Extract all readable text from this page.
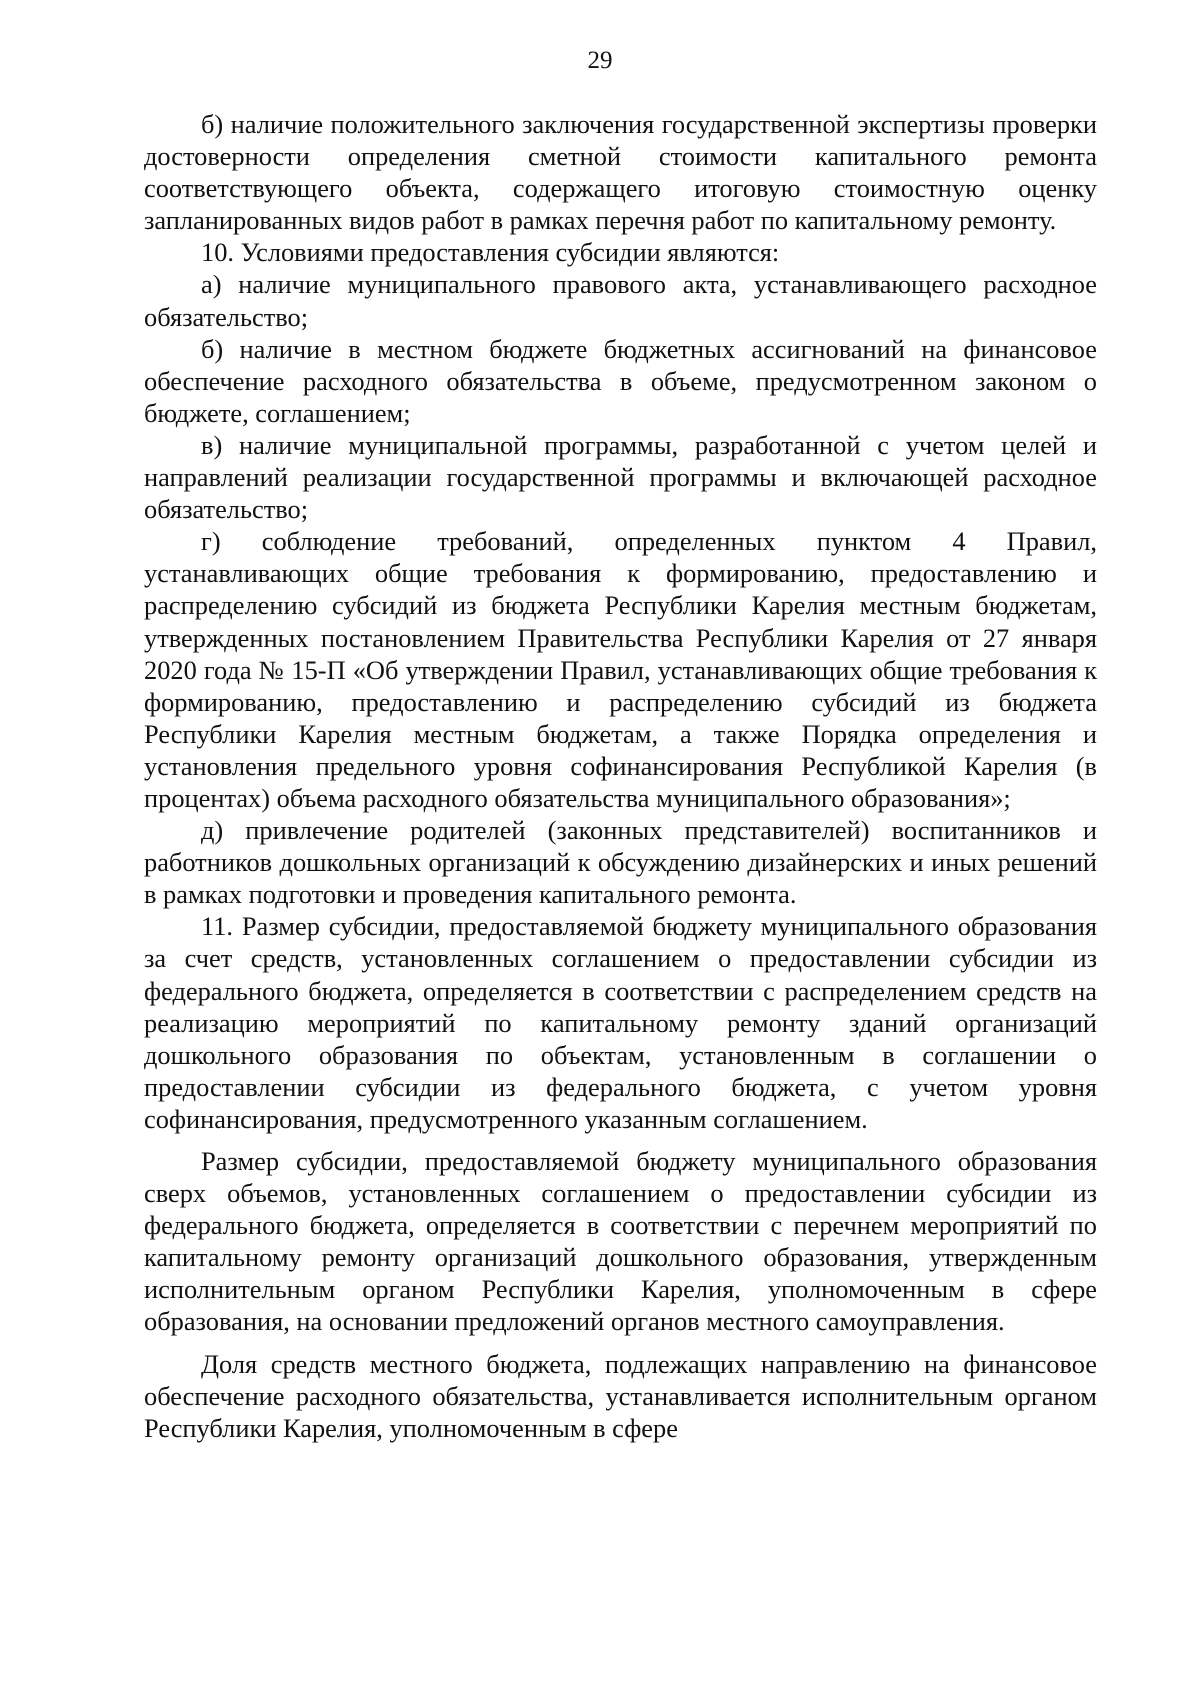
29

б) наличие положительного заключения государственной экспертизы проверки достоверности определения сметной стоимости капитального ремонта соответствующего объекта, содержащего итоговую стоимостную оценку запланированных видов работ в рамках перечня работ по капитальному ремонту.

10. Условиями предоставления субсидии являются:

а) наличие муниципального правового акта, устанавливающего расходное обязательство;

б) наличие в местном бюджете бюджетных ассигнований на финансовое обеспечение расходного обязательства в объеме, предусмотренном законом о бюджете, соглашением;

в) наличие муниципальной программы, разработанной с учетом целей и направлений реализации государственной программы и включающей расходное обязательство;

г) соблюдение требований, определенных пунктом 4 Правил, устанавливающих общие требования к формированию, предоставлению и распределению субсидий из бюджета Республики Карелия местным бюджетам, утвержденных постановлением Правительства Республики Карелия от 27 января 2020 года № 15-П «Об утверждении Правил, устанавливающих общие требования к формированию, предоставлению и распределению субсидий из бюджета Республики Карелия местным бюджетам, а также Порядка определения и установления предельного уровня софинансирования Республикой Карелия (в процентах) объема расходного обязательства муниципального образования»;

д) привлечение родителей (законных представителей) воспитанников и работников дошкольных организаций к обсуждению дизайнерских и иных решений в рамках подготовки и проведения капитального ремонта.

11. Размер субсидии, предоставляемой бюджету муниципального образования за счет средств, установленных соглашением о предоставлении субсидии из федерального бюджета, определяется в соответствии с распределением средств на реализацию мероприятий по капитальному ремонту зданий организаций дошкольного образования по объектам, установленным в соглашении о предоставлении субсидии из федерального бюджета, с учетом уровня софинансирования, предусмотренного указанным соглашением.

Размер субсидии, предоставляемой бюджету муниципального образования сверх объемов, установленных соглашением о предоставлении субсидии из федерального бюджета, определяется в соответствии с перечнем мероприятий по капитальному ремонту организаций дошкольного образования, утвержденным исполнительным органом Республики Карелия, уполномоченным в сфере образования, на основании предложений органов местного самоуправления.

Доля средств местного бюджета, подлежащих направлению на финансовое обеспечение расходного обязательства, устанавливается исполнительным органом Республики Карелия, уполномоченным в сфере
